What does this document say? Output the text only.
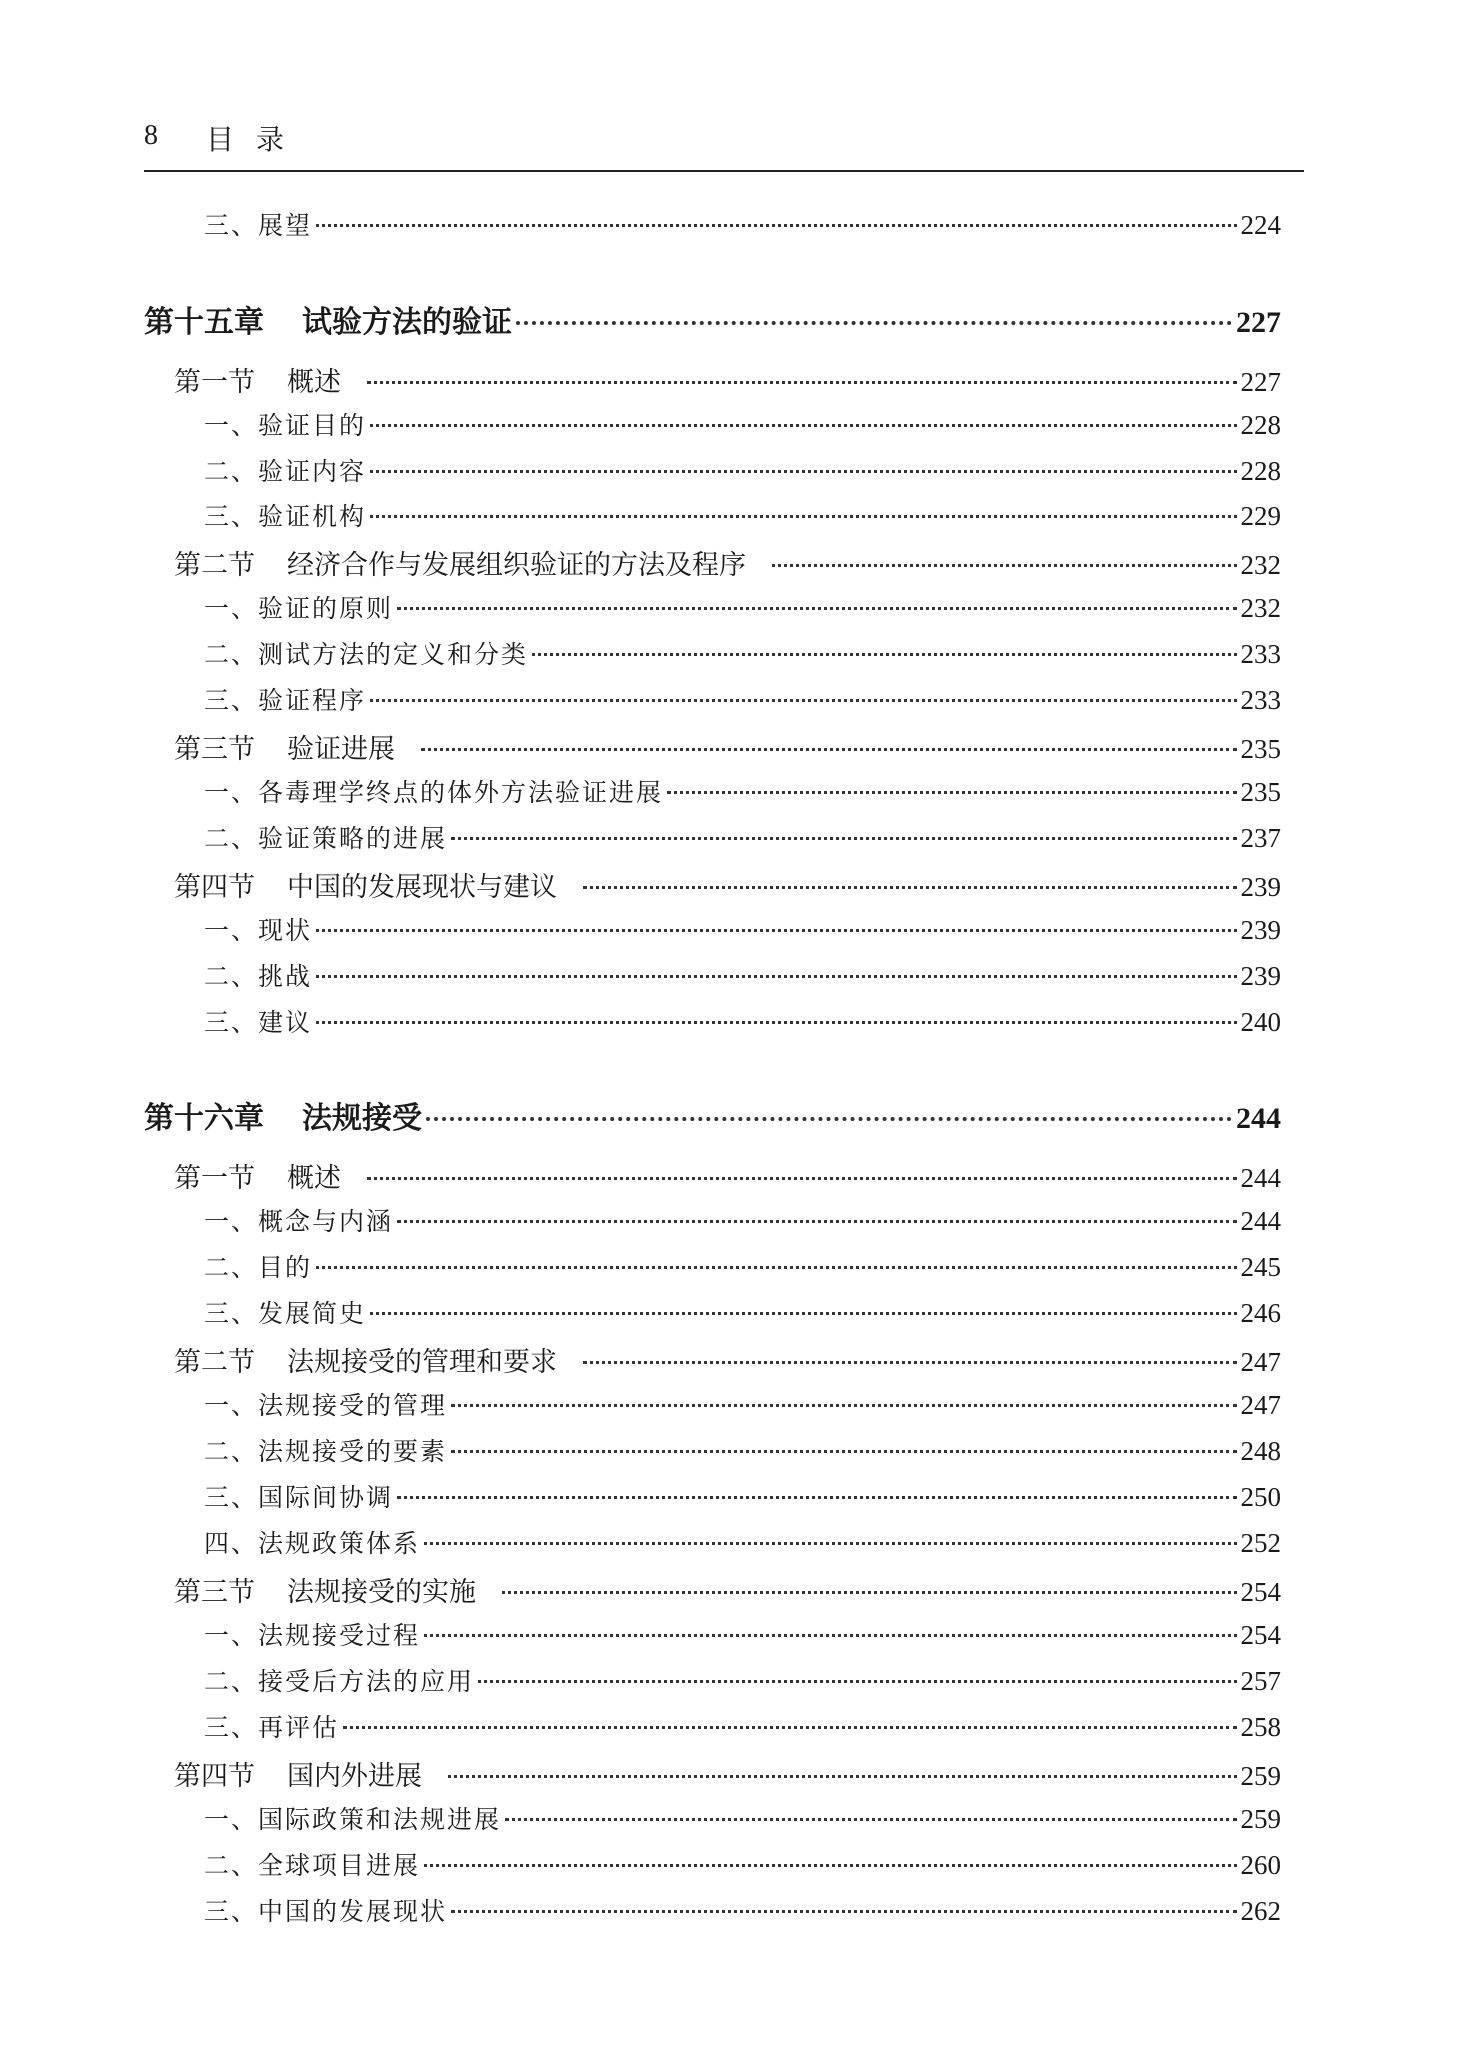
8 目录
三、展望	224
第十五章 试验方法的验证	227
第一节 概述	227
一、验证目的	228
二、验证内容	228
三、验证机构	229
第二节 经济合作与发展组织验证的方法及程序	232
一、验证的原则	232
二、测试方法的定义和分类	233
三、验证程序	233
第三节 验证进展	235
一、各毒理学终点的体外方法验证进展	235
二、验证策略的进展	237
第四节 中国的发展现状与建议	239
一、现状	239
二、挑战	239
三、建议	240
第十六章 法规接受	244
第一节 概述	244
一、概念与内涵	244
二、目的	245
三、发展简史	246
第二节 法规接受的管理和要求	247
一、法规接受的管理	247
二、法规接受的要素	248
三、国际间协调	250
四、法规政策体系	252
第三节 法规接受的实施	254
一、法规接受过程	254
二、接受后方法的应用	257
三、再评估	258
第四节 国内外进展	259
一、国际政策和法规进展	259
二、全球项目进展	260
三、中国的发展现状	262
